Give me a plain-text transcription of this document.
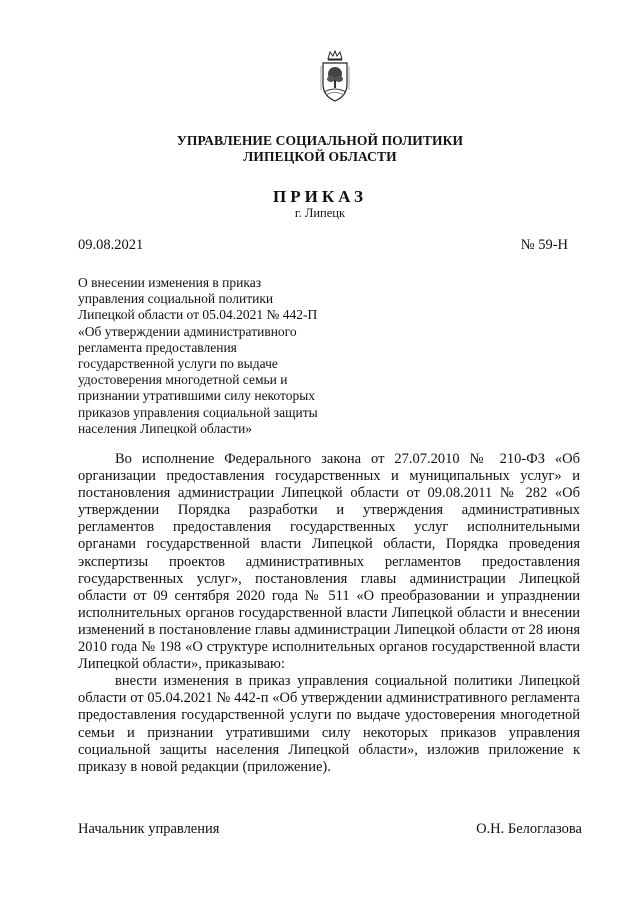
УПРАВЛЕНИЕ СОЦИАЛЬНОЙ ПОЛИТИКИ
ЛИПЕЦКОЙ ОБЛАСТИ
ПРИКАЗ
г. Липецк
09.08.2021	№ 59-Н
О внесении изменения в приказ
управления социальной политики
Липецкой области от 05.04.2021 № 442-П
«Об утверждении административного
регламента предоставления
государственной услуги по выдаче
удостоверения многодетной семьи и
признании утратившими силу некоторых
приказов управления социальной защиты
населения Липецкой области»

Во исполнение Федерального закона от 27.07.2010 № 210-ФЗ «Об организации предоставления государственных и муниципальных услуг» и постановления администрации Липецкой области от 09.08.2011 № 282 «Об утверждении Порядка разработки и утверждения административных регламентов предоставления государственных услуг исполнительными органами государственной власти Липецкой области, Порядка проведения экспертизы проектов административных регламентов предоставления государственных услуг», постановления главы администрации Липецкой области от 09 сентября 2020 года № 511 «О преобразовании и упразднении исполнительных органов государственной власти Липецкой области и внесении изменений в постановление главы администрации Липецкой области от 28 июня 2010 года № 198 «О структуре исполнительных органов государственной власти Липецкой области», приказываю:

внести изменения в приказ управления социальной политики Липецкой области от 05.04.2021 № 442-п «Об утверждении административного регламента предоставления государственной услуги по выдаче удостоверения многодетной семьи и признании утратившими силу некоторых приказов управления социальной защиты населения Липецкой области», изложив приложение к приказу в новой редакции (приложение).

Начальник управления	О.Н. Белоглазова
